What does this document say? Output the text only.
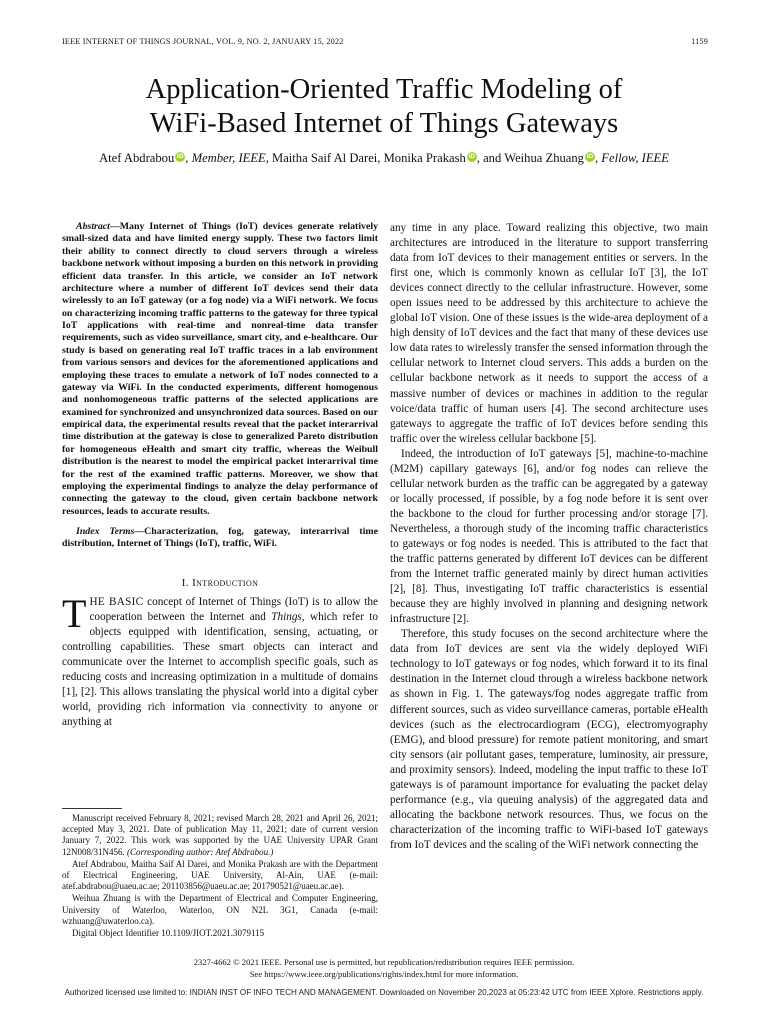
IEEE INTERNET OF THINGS JOURNAL, VOL. 9, NO. 2, JANUARY 15, 2022	1159
Application-Oriented Traffic Modeling of
WiFi-Based Internet of Things Gateways
Atef Abdrabou iD , Member, IEEE, Maitha Saif Al Darei, Monika Prakash iD , and Weihua Zhuang iD , Fellow, IEEE

Abstract—Many Internet of Things (IoT) devices generate relatively small-sized data and have limited energy supply. These two factors limit their ability to connect directly to cloud servers through a wireless backbone network without imposing a burden on this network in providing efficient data transfer. In this article, we consider an IoT network architecture where a number of different IoT devices send their data wirelessly to an IoT gateway (or a fog node) via a WiFi network. We focus on characterizing incoming traffic patterns to the gateway for three typical IoT applications with real-time and nonreal-time data transfer requirements, such as video surveillance, smart city, and e-healthcare. Our study is based on generating real IoT traffic traces in a lab environment from various sensors and devices for the aforementioned applications and employing these traces to emulate a network of IoT nodes connected to a gateway via WiFi. In the conducted experiments, different homogenous and nonhomogeneous traffic patterns of the selected applications are examined for synchronized and unsynchronized data sources. Based on our empirical data, the experimental results reveal that the packet interarrival time distribution at the gateway is close to generalized Pareto distribution for homogeneous eHealth and smart city traffic, whereas the Weibull distribution is the nearest to model the empirical packet interarrival time for the rest of the examined traffic patterns. Moreover, we show that employing the experimental findings to analyze the delay performance of connecting the gateway to the cloud, given certain backbone network resources, leads to accurate results.

Index Terms—Characterization, fog, gateway, interarrival time distribution, Internet of Things (IoT), traffic, WiFi.

I. Introduction

THE BASIC concept of Internet of Things (IoT) is to allow the cooperation between the Internet and Things, which refer to objects equipped with identification, sensing, actuating, or controlling capabilities. These smart objects can interact and communicate over the Internet to accomplish specific goals, such as reducing costs and increasing optimization in a multitude of domains [1], [2]. This allows translating the physical world into a digital cyber world, providing rich information via connectivity to anyone or anything at

Manuscript received February 8, 2021; revised March 28, 2021 and April 26, 2021; accepted May 3, 2021. Date of publication May 11, 2021; date of current version January 7, 2022. This work was supported by the UAE University UPAR Grant 12N008/31N456. (Corresponding author: Atef Abdrabou.)

Atef Abdrabou, Maitha Saif Al Darei, and Monika Prakash are with the Department of Electrical Engineering, UAE University, Al-Ain, UAE (e-mail: atef.abdrabou@uaeu.ac.ae; 201103856@uaeu.ac.ae; 201790521@uaeu.ac.ae).

Weihua Zhuang is with the Department of Electrical and Computer Engineering, University of Waterloo, Waterloo, ON N2L 3G1, Canada (e-mail: wzhuang@uwaterloo.ca).

Digital Object Identifier 10.1109/JIOT.2021.3079115

any time in any place. Toward realizing this objective, two main architectures are introduced in the literature to support transferring data from IoT devices to their management entities or servers. In the first one, which is commonly known as cellular IoT [3], the IoT devices connect directly to the cellular infrastructure. However, some open issues need to be addressed by this architecture to achieve the global IoT vision. One of these issues is the wide-area deployment of a high density of IoT devices and the fact that many of these devices use low data rates to wirelessly transfer the sensed information through the cellular network to Internet cloud servers. This adds a burden on the cellular backbone network as it needs to support the access of a massive number of devices or machines in addition to the regular voice/data traffic of human users [4]. The second architecture uses gateways to aggregate the traffic of IoT devices before sending this traffic over the wireless cellular backbone [5].

Indeed, the introduction of IoT gateways [5], machine-to-machine (M2M) capillary gateways [6], and/or fog nodes can relieve the cellular network burden as the traffic can be aggregated by a gateway or locally processed, if possible, by a fog node before it is sent over the backbone to the cloud for further processing and/or storage [7]. Nevertheless, a thorough study of the incoming traffic characteristics to gateways or fog nodes is needed. This is attributed to the fact that the traffic patterns generated by different IoT devices can be different from the Internet traffic generated mainly by direct human activities [2], [8]. Thus, investigating IoT traffic characteristics is essential because they are highly involved in planning and designing network infrastructure [2].

Therefore, this study focuses on the second architecture where the data from IoT devices are sent via the widely deployed WiFi technology to IoT gateways or fog nodes, which forward it to its final destination in the Internet cloud through a wireless backbone network as shown in Fig. 1. The gateways/fog nodes aggregate traffic from different sources, such as video surveillance cameras, portable eHealth devices (such as the electrocardiogram (ECG), electromyography (EMG), and blood pressure) for remote patient monitoring, and smart city sensors (air pollutant gases, temperature, luminosity, air pressure, and proximity sensors). Indeed, modeling the input traffic to these IoT gateways is of paramount importance for evaluating the packet delay performance (e.g., via queuing analysis) of the aggregated data and allocating the backbone network resources. Thus, we focus on the characterization of the incoming traffic to WiFi-based IoT gateways from IoT devices and the scaling of the WiFi network connecting the

2327-4662 © 2021 IEEE. Personal use is permitted, but republication/redistribution requires IEEE permission.
See https://www.ieee.org/publications/rights/index.html for more information.
Authorized licensed use limited to: INDIAN INST OF INFO TECH AND MANAGEMENT. Downloaded on November 20,2023 at 05:23:42 UTC from IEEE Xplore. Restrictions apply.
